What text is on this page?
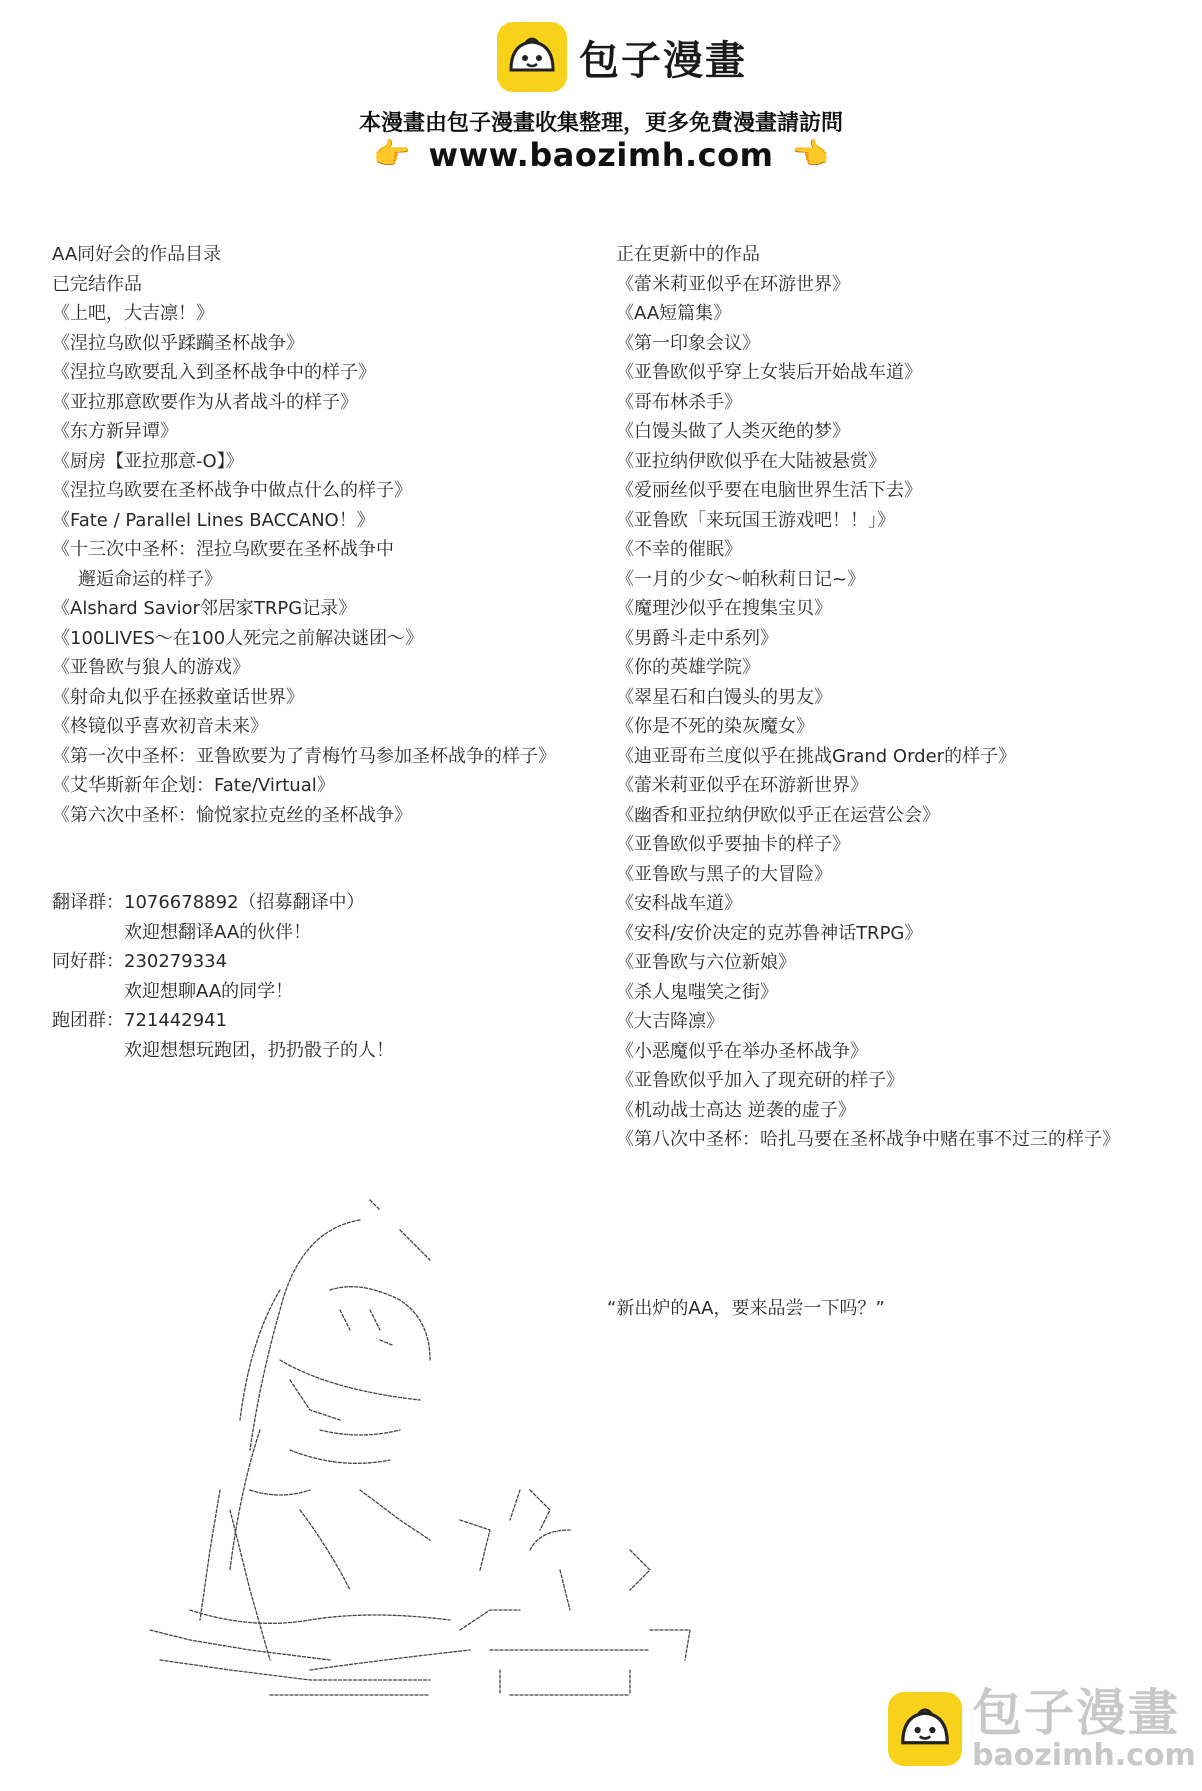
包子漫畫
本漫畫由包子漫畫收集整理，更多免費漫畫請訪問
👉 www.baozimh.com 👈
AA同好会的作品目录
已完结作品
《上吧，大吉凛！》
《涅拉乌欧似乎蹂躏圣杯战争》
《涅拉乌欧要乱入到圣杯战争中的样子》
《亚拉那意欧要作为从者战斗的样子》
《东方新异谭》
《厨房【亚拉那意-O】》
《涅拉乌欧要在圣杯战争中做点什么的样子》
《Fate / Parallel Lines BACCANO！》
《十三次中圣杯：涅拉乌欧要在圣杯战争中
邂逅命运的样子》
《Alshard Savior邻居家TRPG记录》
《100LIVES～在100人死完之前解决谜团～》
《亚鲁欧与狼人的游戏》
《射命丸似乎在拯救童话世界》
《柊镜似乎喜欢初音未来》
《第一次中圣杯：亚鲁欧要为了青梅竹马参加圣杯战争的样子》
《艾华斯新年企划：Fate/Virtual》
《第六次中圣杯：愉悦家拉克丝的圣杯战争》
翻译群： 1076678892（招募翻译中）
欢迎想翻译AA的伙伴！
同好群： 230279334
欢迎想聊AA的同学！
跑团群： 721442941
欢迎想想玩跑团，扔扔骰子的人！
正在更新中的作品
《蕾米莉亚似乎在环游世界》
《AA短篇集》
《第一印象会议》
《亚鲁欧似乎穿上女装后开始战车道》
《哥布林杀手》
《白馒头做了人类灭绝的梦》
《亚拉纳伊欧似乎在大陆被悬赏》
《爱丽丝似乎要在电脑世界生活下去》
《亚鲁欧「来玩国王游戏吧！！」》
《不幸的催眠》
《一月的少女～帕秋莉日记~》
《魔理沙似乎在搜集宝贝》
《男爵斗走中系列》
《你的英雄学院》
《翠星石和白馒头的男友》
《你是不死的染灰魔女》
《迪亚哥布兰度似乎在挑战Grand Order的样子》
《蕾米莉亚似乎在环游新世界》
《幽香和亚拉纳伊欧似乎正在运营公会》
《亚鲁欧似乎要抽卡的样子》
《亚鲁欧与黑子的大冒险》
《安科战车道》
《安科/安价决定的克苏鲁神话TRPG》
《亚鲁欧与六位新娘》
《杀人鬼嗤笑之街》
《大吉降凛》
《小恶魔似乎在举办圣杯战争》
《亚鲁欧似乎加入了现充研的样子》
《机动战士高达 逆袭的虚子》
《第八次中圣杯：哈扎马要在圣杯战争中赌在事不过三的样子》
“新出炉的AA，要来品尝一下吗？”
包子漫畫
baozimh.com
